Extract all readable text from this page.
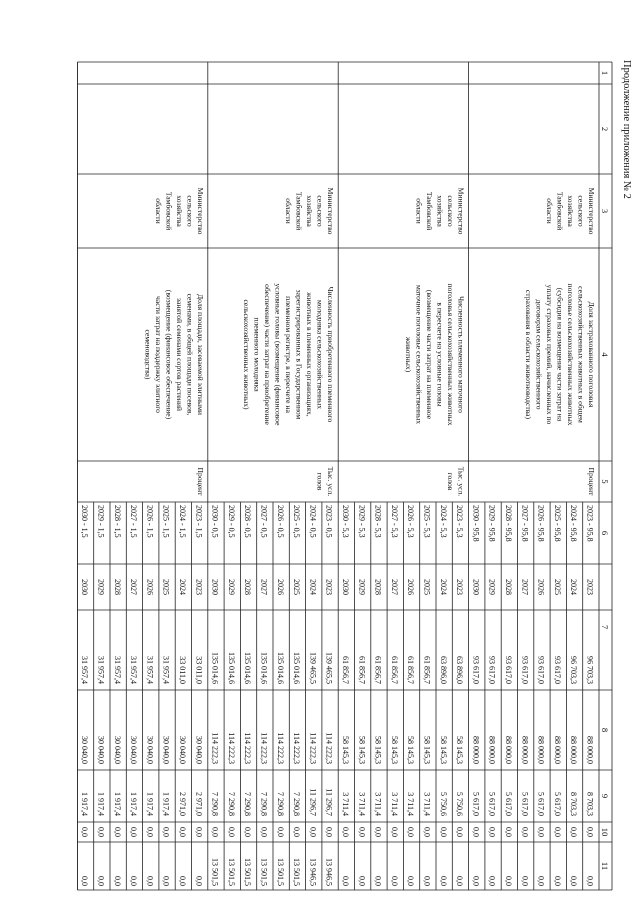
Продолжение приложения № 2
1
2
3
4
5
6
7
8
9
10
11
Министерство
сельского
хозяйства
Тамбовской
области
Доля застрахованного поголовья
сельскохозяйственных животных в общем
поголовье сельскохозяйственных животных
(субсидия на возмещение части затрат на
уплату страховых премий, начисленных по
договорам сельскохозяйственного
страхования в области животноводства)
Процент
2023 - 95,8
2023
96 703,3
88 000,0
8 703,3
0,0
0,0
2024 - 95,8
2024
96 703,3
88 000,0
8 703,3
0,0
0,0
2025 - 95,8
2025
93 617,0
88 000,0
5 617,0
0,0
0,0
2026 - 95,8
2026
93 617,0
88 000,0
5 617,0
0,0
0,0
2027 - 95,8
2027
93 617,0
88 000,0
5 617,0
0,0
0,0
2028 - 95,8
2028
93 617,0
88 000,0
5 617,0
0,0
0,0
2029 - 95,8
2029
93 617,0
88 000,0
5 617,0
0,0
0,0
2030 - 95,8
2030
93 617,0
88 000,0
5 617,0
0,0
0,0
Министерство
сельского
хозяйства
Тамбовской
области
Численность племенного маточного
поголовья сельскохозяйственных животных
в пересчете на условные головы
(возмещение части затрат на племенное
маточное поголовье сельскохозяйственных
животных)
Тыс. усл.
голов
2023 - 5,3
2023
63 896,0
58 145,3
5 750,6
0,0
0,0
2024 - 5,3
2024
63 896,0
58 145,3
5 750,6
0,0
0,0
2025 - 5,3
2025
61 856,7
58 145,3
3 711,4
0,0
0,0
2026 - 5,3
2026
61 856,7
58 145,3
3 711,4
0,0
0,0
2027 - 5,3
2027
61 856,7
58 145,3
3 711,4
0,0
0,0
2028 - 5,3
2028
61 856,7
58 145,3
3 711,4
0,0
0,0
2029 - 5,3
2029
61 856,7
58 145,3
3 711,4
0,0
0,0
2030 - 5,3
2030
61 856,7
58 145,3
3 711,4
0,0
0,0
Министерство
сельского
хозяйства
Тамбовской
области
Численность приобретенного племенного
молодняка сельскохозяйственных
животных в племенных организациях,
зарегистрированных в Государственном
племенном регистре, в пересчете на
условные головы (возмещение (финансовое
обеспечение) части затрат на приобретение
племенного молодняка
сельскохозяйственных животных)
Тыс. усл.
голов
2023 - 0,5
2023
139 465,5
114 222,3
11 296,7
0,0
13 946,5
2024 - 0,5
2024
139 465,5
114 222,3
11 296,7
0,0
13 946,5
2025 - 0,5
2025
135 014,6
114 222,3
7 290,8
0,0
13 501,5
2026 - 0,5
2026
135 014,6
114 222,3
7 290,8
0,0
13 501,5
2027 - 0,5
2027
135 014,6
114 222,3
7 290,8
0,0
13 501,5
2028 - 0,5
2028
135 014,6
114 222,3
7 290,8
0,0
13 501,5
2029 - 0,5
2029
135 014,6
114 222,3
7 290,8
0,0
13 501,5
2030 - 0,5
2030
135 014,6
114 222,3
7 290,8
0,0
13 501,5
Министерство
сельского
хозяйства
Тамбовской
области
Доля площади, засеваемой элитными
семенами, в общей площади посевов,
занятой семенами сортов растений
(возмещение (финансовое обеспечение)
части затрат на поддержку элитного
семеноводства)
Процент
2023 - 1,5
2023
33 011,0
30 040,0
2 971,0
0,0
0,0
2024 - 1,5
2024
33 011,0
30 040,0
2 971,0
0,0
0,0
2025 - 1,5
2025
31 957,4
30 040,0
1 917,4
0,0
0,0
2026 - 1,5
2026
31 957,4
30 040,0
1 917,4
0,0
0,0
2027 - 1,5
2027
31 957,4
30 040,0
1 917,4
0,0
0,0
2028 - 1,5
2028
31 957,4
30 040,0
1 917,4
0,0
0,0
2029 - 1,5
2029
31 957,4
30 040,0
1 917,4
0,0
0,0
2030 - 1,5
2030
31 957,4
30 040,0
1 917,4
0,0
0,0
